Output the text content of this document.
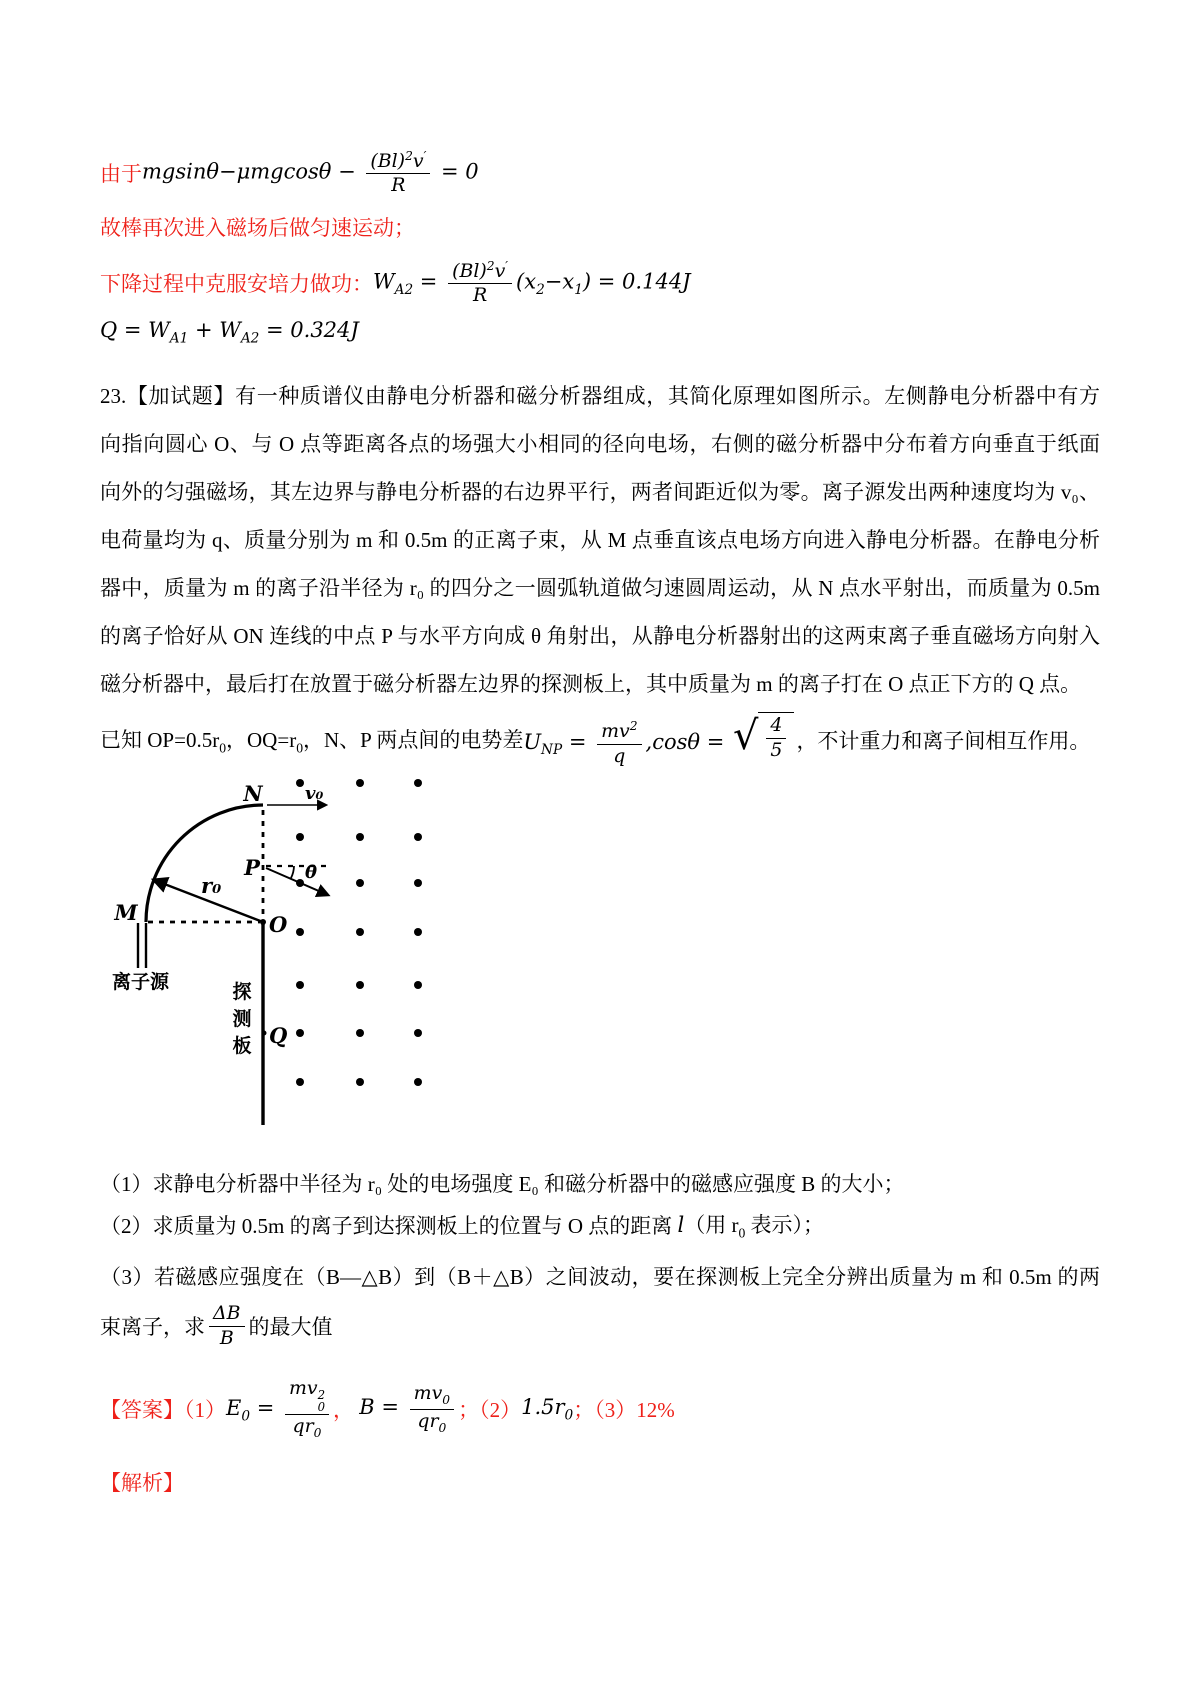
由于 $mgsin\theta-\mu mgcos\theta - \frac{(Bl)^2v'}{R} = 0$
故棒再次进入磁场后做匀速运动；
下降过程中克服安培力做功： $W_{A2} = \frac{(Bl)^2v'}{R} (x_2-x_1) = 0.144J$
$Q = W_{A1} + W_{A2} = 0.324J$
23.【加试题】有一种质谱仪由静电分析器和磁分析器组成，其简化原理如图所示。左侧静电分析器中有方
向指向圆心 O、与 O 点等距离各点的场强大小相同的径向电场，右侧的磁分析器中分布着方向垂直于纸面
向外的匀强磁场，其左边界与静电分析器的右边界平行，两者间距近似为零。离子源发出两种速度均为 v₀、
电荷量均为 q、质量分别为 m 和 0.5m 的正离子束，从 M 点垂直该点电场方向进入静电分析器。在静电分析
器中，质量为 m 的离子沿半径为 r₀ 的四分之一圆弧轨道做匀速圆周运动，从 N 点水平射出，而质量为 0.5m
的离子恰好从 ON 连线的中点 P 与水平方向成 θ 角射出，从静电分析器射出的这两束离子垂直磁场方向射入
磁分析器中，最后打在放置于磁分析器左边界的探测板上，其中质量为 m 的离子打在 O 点正下方的 Q 点。
已知 $OP=0.5r_0$，$OQ=r_0$，N、P 两点间的电势差 $U_{NP} = \frac{mv^2}{q} ,\cos\theta$ = √ $\frac{4}{5}$ ，不计重力和离子间相互作用。
N v₀
P	θ
r₀
M	O
Q
离子源	探
测
板
（1）求静电分析器中半径为 r₀ 处的电场强度 E₀ 和磁分析器中的磁感应强度 B 的大小；
（2）求质量为 0.5m 的离子到达探测板上的位置与 O 点的距离 l （用 $r_0$ 表示）；
（3）若磁感应强度在（B—△B）到（B＋△B）之间波动，要在探测板上完全分辨出质量为 m 和 0.5m 的两
束离子，求 $\frac{\Delta B}{B}$ 的最大值
【答案】（1） $E_0$ = mv 2
0
$qr_0$ ， $B = \frac{mv_0}{qr_0}$ ；（2） $1.5r_0$ ；（3）12%
【解析】
